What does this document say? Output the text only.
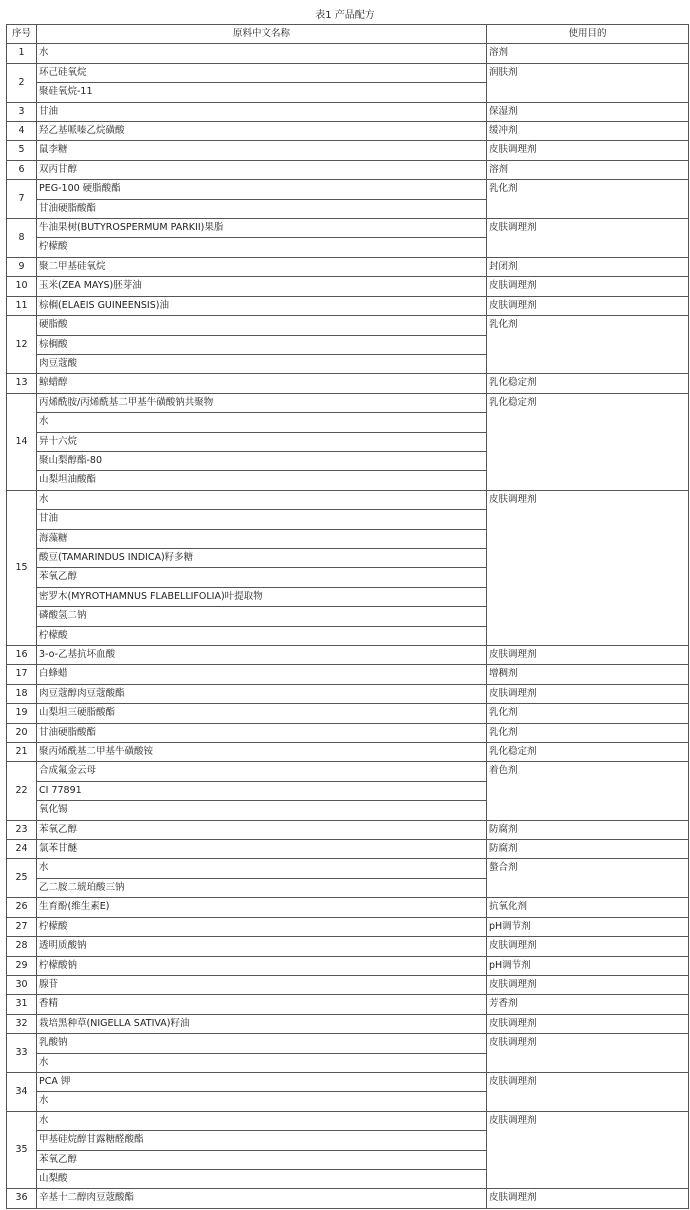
表1 产品配方
序号	原料中文名称	使用目的
1	水	溶剂
2	环己硅氧烷	润肤剂
	聚硅氧烷-11	
3	甘油	保湿剂
4	羟乙基哌嗪乙烷磺酸	缓冲剂
5	鼠李糖	皮肤调理剂
6	双丙甘醇	溶剂
7	PEG-100 硬脂酸酯	乳化剂
	甘油硬脂酸酯	
8	牛油果树(BUTYROSPERMUM PARKII)果脂	皮肤调理剂
	柠檬酸	
9	聚二甲基硅氧烷	封闭剂
10	玉米(ZEA MAYS)胚芽油	皮肤调理剂
11	棕榈(ELAEIS GUINEENSIS)油	皮肤调理剂
12	硬脂酸	乳化剂
	棕榈酸	
	肉豆蔻酸	
13	鲸蜡醇	乳化稳定剂
14	丙烯酰胺/丙烯酰基二甲基牛磺酸钠共聚物	乳化稳定剂
	水	
	异十六烷	
	聚山梨醇酯-80	
	山梨坦油酸酯	
15	水	皮肤调理剂
	甘油	
	海藻糖	
	酸豆(TAMARINDUS INDICA)籽多糖	
	苯氧乙醇	
	密罗木(MYROTHAMNUS FLABELLIFOLIA)叶提取物	
	磷酸氢二钠	
	柠檬酸	
16	3-o-乙基抗坏血酸	皮肤调理剂
17	白蜂蜡	增稠剂
18	肉豆蔻醇肉豆蔻酸酯	皮肤调理剂
19	山梨坦三硬脂酸酯	乳化剂
20	甘油硬脂酸酯	乳化剂
21	聚丙烯酰基二甲基牛磺酸铵	乳化稳定剂
22	合成氟金云母	着色剂
	CI 77891	
	氧化锡	
23	苯氧乙醇	防腐剂
24	氯苯甘醚	防腐剂
25	水	螯合剂
	乙二胺二琥珀酸三钠	
26	生育酚(维生素E)	抗氧化剂
27	柠檬酸	pH调节剂
28	透明质酸钠	皮肤调理剂
29	柠檬酸钠	pH调节剂
30	腺苷	皮肤调理剂
31	香精	芳香剂
32	栽培黑种草(NIGELLA SATIVA)籽油	皮肤调理剂
33	乳酸钠	皮肤调理剂
	水	
34	PCA 钾	皮肤调理剂
	水	
35	水	皮肤调理剂
	甲基硅烷醇甘露糖醛酸酯	
	苯氧乙醇	
	山梨酸	
36	辛基十二醇肉豆蔻酸酯	皮肤调理剂
